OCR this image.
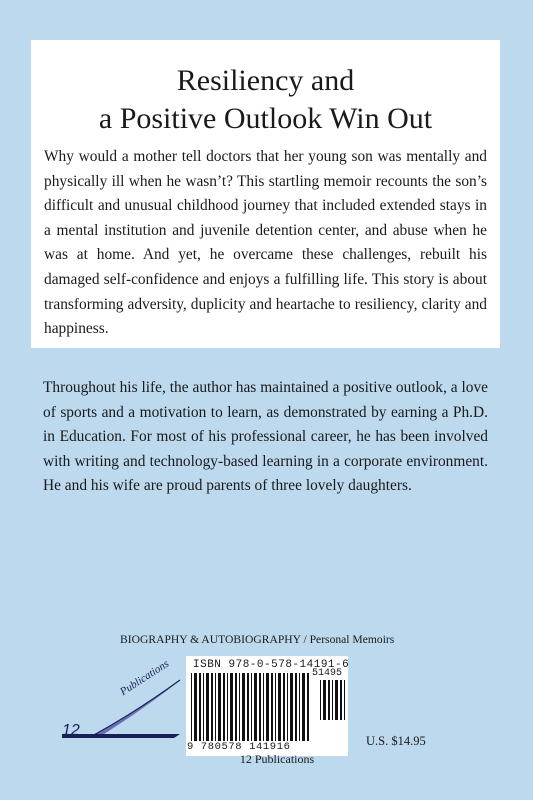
Resiliency and
a Positive Outlook Win Out

Why would a mother tell doctors that her young son was mentally and physically ill when he wasn’t? This startling memoir recounts the son’s difficult and unusual childhood journey that included extended stays in a mental institution and juvenile detention center, and abuse when he was at home. And yet, he overcame these challenges, rebuilt his damaged self-confidence and enjoys a fulfilling life. This story is about transforming adversity, duplicity and heartache to resiliency, clarity and happiness.

Throughout his life, the author has maintained a positive outlook, a love of sports and a motivation to learn, as demonstrated by earning a Ph.D. in Education. For most of his professional career, he has been involved with writing and technology-based learning in a corporate environment. He and his wife are proud parents of three lovely daughters.

BIOGRAPHY & AUTOBIOGRAPHY / Personal Memoirs
12
Publications ISBN 978-0-578-14191-6
51495
9 780578 141916	U.S. $14.95
12 Publications
